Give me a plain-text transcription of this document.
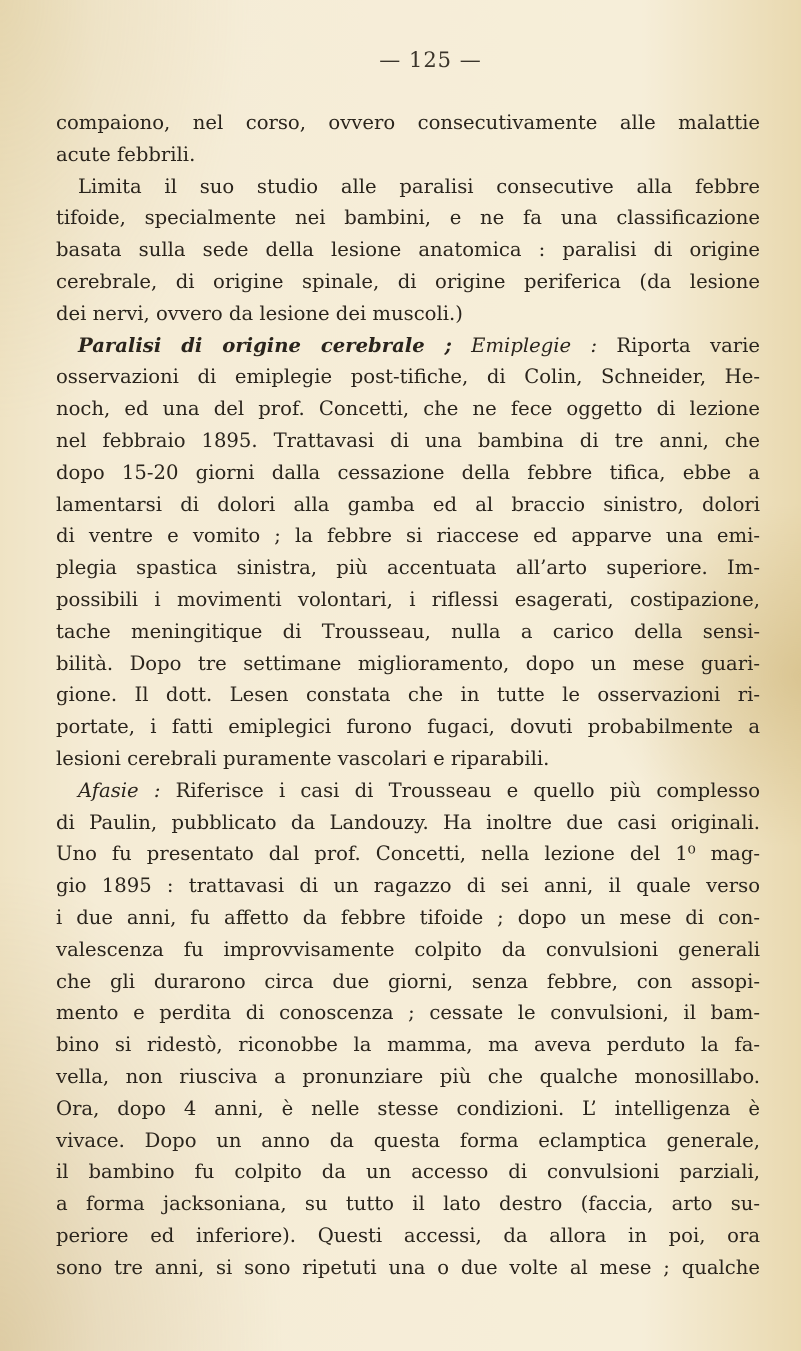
— 125 —
compaiono, nel corso, ovvero consecutivamente alle malattie
acute febbrili.
Limita il suo studio alle paralisi consecutive alla febbre
tifoide, specialmente nei bambini, e ne fa una classificazione
basata sulla sede della lesione anatomica : paralisi di origine
cerebrale, di origine spinale, di origine periferica (da lesione
dei nervi, ovvero da lesione dei muscoli.)
Paralisi di origine cerebrale ; Emiplegie : Riporta varie
osservazioni di emiplegie post-tifiche, di Colin, Schneider, He-
noch, ed una del prof. Concetti, che ne fece oggetto di lezione
nel febbraio 1895. Trattavasi di una bambina di tre anni, che
dopo 15-20 giorni dalla cessazione della febbre tifica, ebbe a
lamentarsi di dolori alla gamba ed al braccio sinistro, dolori
di ventre e vomito ; la febbre si riaccese ed apparve una emi-
plegia spastica sinistra, più accentuata all’arto superiore. Im-
possibili i movimenti volontari, i riflessi esagerati, costipazione,
tache meningitique di Trousseau, nulla a carico della sensi-
bilità. Dopo tre settimane miglioramento, dopo un mese guari-
gione. Il dott. Lesen constata che in tutte le osservazioni ri-
portate, i fatti emiplegici furono fugaci, dovuti probabilmente a
lesioni cerebrali puramente vascolari e riparabili.
Afasie : Riferisce i casi di Trousseau e quello più complesso
di Paulin, pubblicato da Landouzy. Ha inoltre due casi originali.
Uno fu presentato dal prof. Concetti, nella lezione del 1⁰ mag-
gio 1895 : trattavasi di un ragazzo di sei anni, il quale verso
i due anni, fu affetto da febbre tifoide ; dopo un mese di con-
valescenza fu improvvisamente colpito da convulsioni generali
che gli durarono circa due giorni, senza febbre, con assopi-
mento e perdita di conoscenza ; cessate le convulsioni, il bam-
bino si ridestò, riconobbe la mamma, ma aveva perduto la fa-
vella, non riusciva a pronunziare più che qualche monosillabo.
Ora, dopo 4 anni, è nelle stesse condizioni. L’ intelligenza è
vivace. Dopo un anno da questa forma eclamptica generale,
il bambino fu colpito da un accesso di convulsioni parziali,
a forma jacksoniana, su tutto il lato destro (faccia, arto su-
periore ed inferiore). Questi accessi, da allora in poi, ora
sono tre anni, si sono ripetuti una o due volte al mese ; qualche
